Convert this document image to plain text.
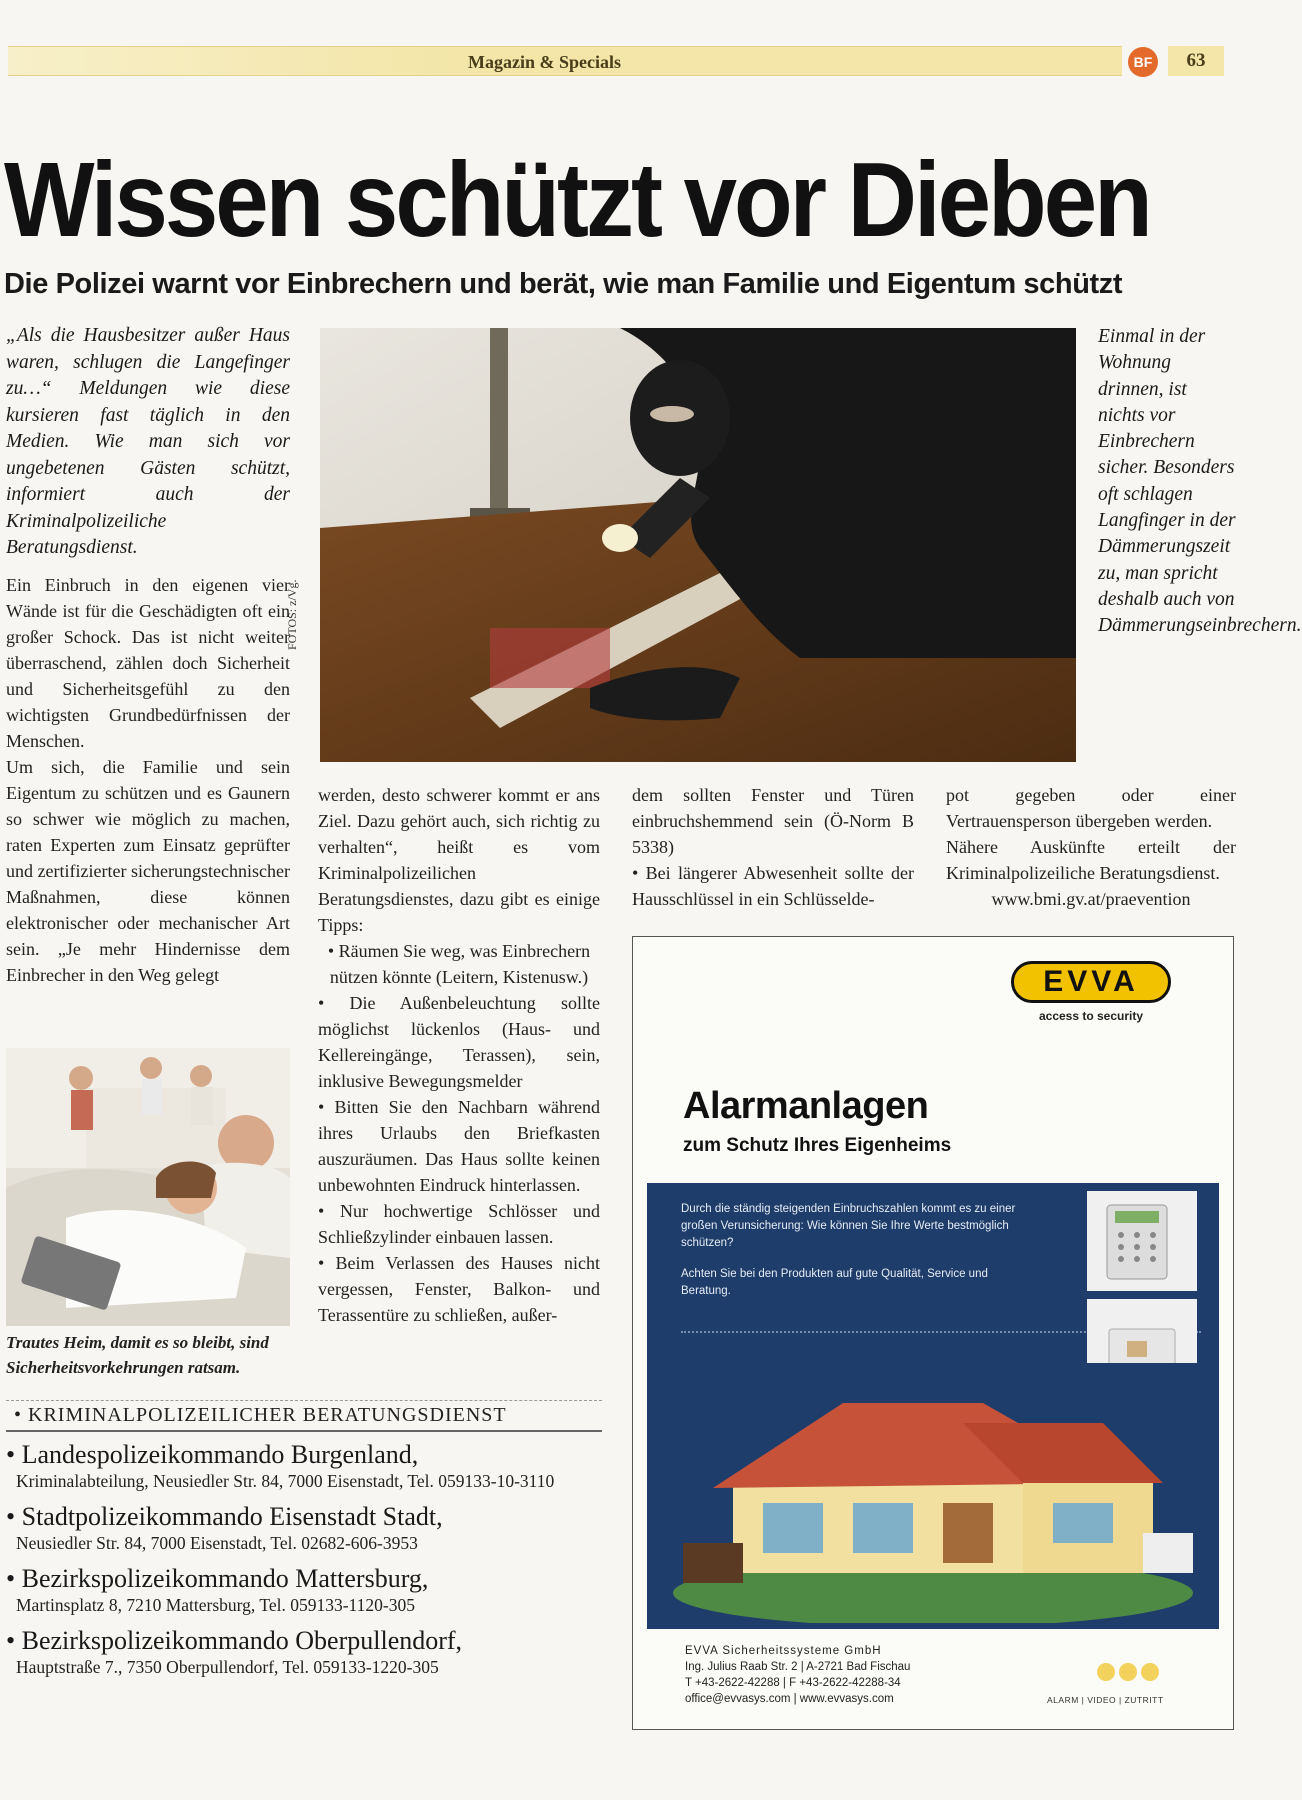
Magazin & Specials	BF	63
Wissen schützt vor Dieben
Die Polizei warnt vor Einbrechern und berät, wie man Familie und Eigentum schützt
„Als die Hausbesitzer außer Haus waren, schlugen die Langefinger zu…“ Meldungen wie diese kursieren fast täglich in den Medien. Wie man sich vor ungebetenen Gästen schützt, informiert auch der Kriminalpolizeiliche Beratungsdienst.
FOTOS: z/Vg.
Einmal in der Wohnung drinnen, ist nichts vor Einbrechern sicher. Besonders oft schlagen Langfinger in der Dämmerungszeit zu, man spricht deshalb auch von Dämmerungseinbrechern.

Ein Einbruch in den eigenen vier Wände ist für die Geschädigten oft ein großer Schock. Das ist nicht weiter überraschend, zählen doch Sicherheit und Sicherheitsgefühl zu den wichtigsten Grundbedürfnissen der Menschen.

Um sich, die Familie und sein Eigentum zu schützen und es Gaunern so schwer wie möglich zu machen, raten Experten zum Einsatz geprüfter und zertifizierter sicherungstechnischer Maßnahmen, diese können elektronischer oder mechanischer Art sein. „Je mehr Hindernisse dem Einbrecher in den Weg gelegt

Trautes Heim, damit es so bleibt, sind Sicherheitsvorkehrungen ratsam.

werden, desto schwerer kommt er ans Ziel. Dazu gehört auch, sich richtig zu verhalten“, heißt es vom Kriminalpolizeilichen Beratungsdienstes, dazu gibt es einige Tipps:

• Räumen Sie weg, was Einbrechern nützen könnte (Leitern, Kistenusw.)

• Die Außenbeleuchtung sollte möglichst lückenlos (Haus- und Kellereingänge, Terassen), sein, inklusive Bewegungsmelder

• Bitten Sie den Nachbarn während ihres Urlaubs den Briefkasten auszuräumen. Das Haus sollte keinen unbewohnten Eindruck hinterlassen.

• Nur hochwertige Schlösser und Schließzylinder einbauen lassen.

• Beim Verlassen des Hauses nicht vergessen, Fenster, Balkon- und Terassentüre zu schließen, außer-

dem sollten Fenster und Türen einbruchshemmend sein (Ö-Norm B 5338)

• Bei längerer Abwesenheit sollte der Hausschlüssel in ein Schlüsselde-

pot gegeben oder einer Vertrauensperson übergeben werden.

Nähere Auskünfte erteilt der Kriminalpolizeiliche Beratungsdienst.

www.bmi.gv.at/praevention

• KRIMINALPOLIZEILICHER BERATUNGSDIENST
• Landespolizeikommando Burgenland,
Kriminalabteilung, Neusiedler Str. 84, 7000 Eisenstadt, Tel. 059133-10-3110
• Stadtpolizeikommando Eisenstadt Stadt,
Neusiedler Str. 84, 7000 Eisenstadt, Tel. 02682-606-3953
• Bezirkspolizeikommando Mattersburg,
Martinsplatz 8, 7210 Mattersburg, Tel. 059133-1120-305
• Bezirkspolizeikommando Oberpullendorf,
Hauptstraße 7., 7350 Oberpullendorf, Tel. 059133-1220-305
EVVA
access to security
Alarmanlagen
zum Schutz Ihres Eigenheims

Durch die ständig steigenden Einbruchszahlen kommt es zu einer großen Verunsicherung: Wie können Sie Ihre Werte bestmöglich schützen?

Achten Sie bei den Produkten auf gute Qualität, Service und Beratung.

EVVA Sicherheitssysteme GmbH
Ing. Julius Raab Str. 2 | A-2721 Bad Fischau
T +43-2622-42288 | F +43-2622-42288-34
office@evvasys.com | www.evvasys.com	ALARM | VIDEO | ZUTRITT
